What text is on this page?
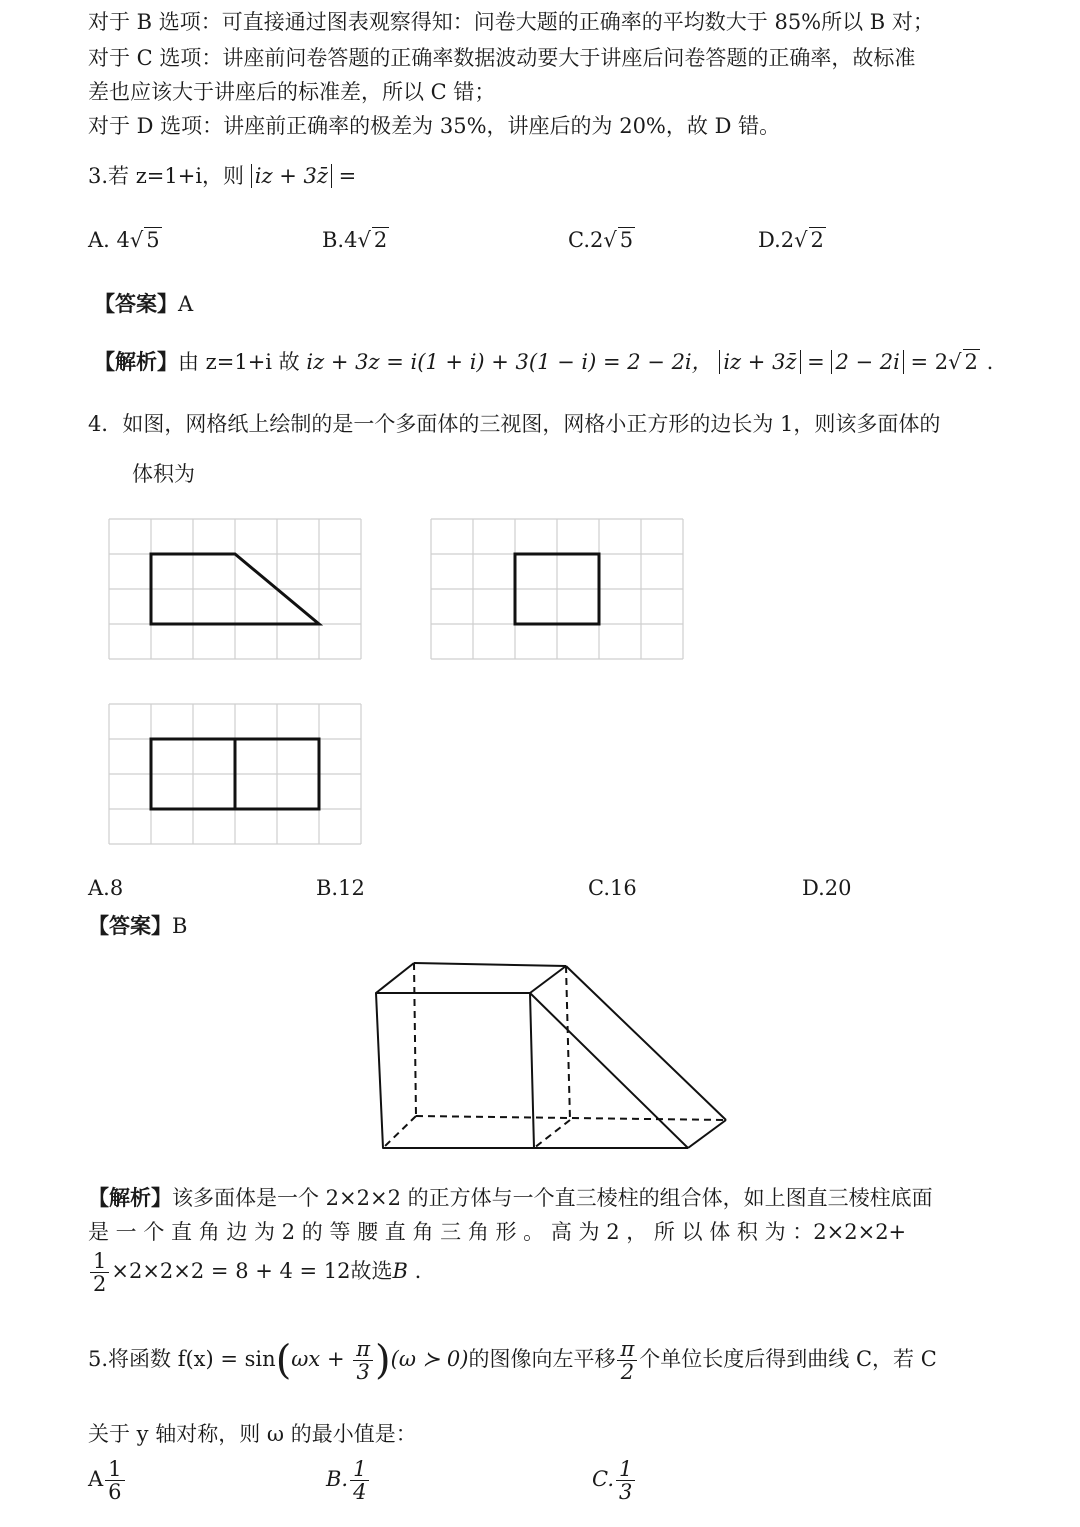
对于 B 选项：可直接通过图表观察得知：问卷大题的正确率的平均数大于 85%所以 B 对；
对于 C 选项：讲座前问卷答题的正确率数据波动要大于讲座后问卷答题的正确率，故标准
差也应该大于讲座后的标准差，所以 C 错；
对于 D 选项：讲座前正确率的极差为 35%，讲座后的为 20%，故 D 错。
3.若 z=1+i，则 iz + 3z̄ =
A. 4√ 5	B.4√ 2	C.2√ 5	D.2√ 2
【答案】A
【解析】由 z=1+i 故 iz + 3z = i(1 + i) + 3(1 − i) = 2 − 2i， iz + 3z̄ = 2 − 2i = 2√ 2 .
4．如图，网格纸上绘制的是一个多面体的三视图，网格小正方形的边长为 1，则该多面体的
体积为
A.8	B.12	C.16	D.20
【答案】B
【解析】该多面体是一个 2×2×2 的正方体与一个直三棱柱的组合体，如上图直三棱柱底面
是 一 个 直 角 边 为 2 的 等 腰 直 角 三 角 形 。 高 为 2 ， 所 以 体 积 为 ：2×2×2+
$\frac{1}{2} \times 2\times 2\times 2 = 8 + 4 = 12$故选B .
5.将函数 $f(x) = \sin(\omega x + \frac{\pi}{3} )(\omega$ ≻ 0)的图像向左平移 $\frac{\pi}{2}$ 个单位长度后得到曲线 C，若 C
关于 y 轴对称，则 ω 的最小值是：
A $\frac{1}{6}$	B. $\frac{1}{4}$	C. $\frac{1}{3}$
